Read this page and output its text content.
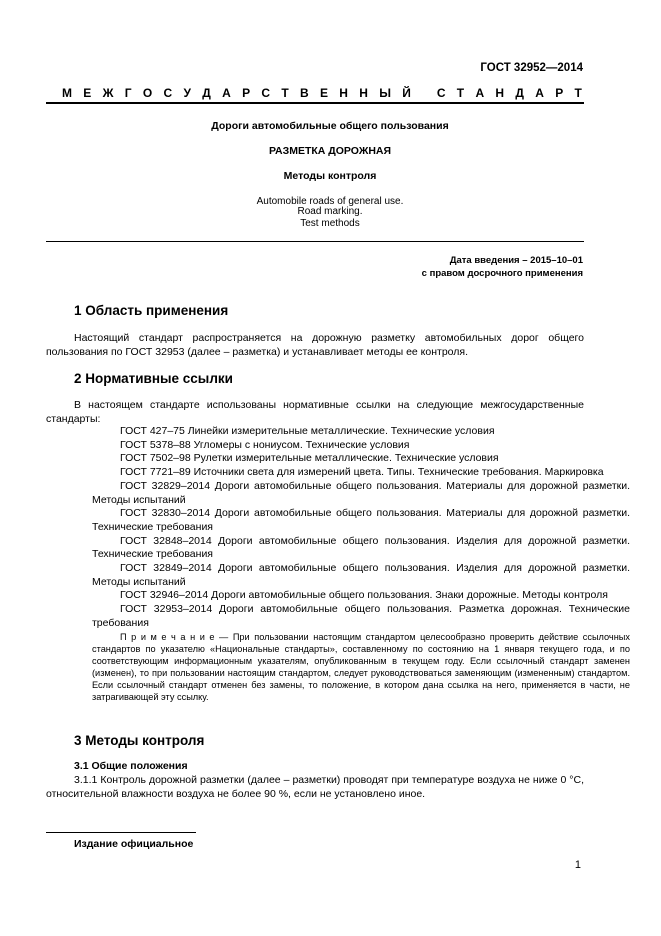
ГОСТ 32952—2014
М Е Ж Г О С У Д А Р С Т В Е Н Н Ы Й
С Т А Н Д А Р Т
Дороги автомобильные общего пользования
РАЗМЕТКА ДОРОЖНАЯ
Методы контроля
Automobile roads of general use.
Road marking.
Test methods
Дата введения – 2015–10–01
с правом досрочного применения
1 Область применения
Настоящий стандарт распространяется на дорожную разметку автомобильных дорог общего пользования по ГОСТ 32953 (далее – разметка) и устанавливает методы ее контроля.
2 Нормативные ссылки
В настоящем стандарте использованы нормативные ссылки на следующие межгосударственные стандарты:
ГОСТ 427–75 Линейки измерительные металлические. Технические условия
ГОСТ 5378–88 Угломеры с нониусом. Технические условия
ГОСТ 7502–98 Рулетки измерительные металлические. Технические условия
ГОСТ 7721–89 Источники света для измерений цвета. Типы. Технические требования. Маркировка
ГОСТ 32829–2014 Дороги автомобильные общего пользования. Материалы для дорожной разметки. Методы испытаний
ГОСТ 32830–2014 Дороги автомобильные общего пользования. Материалы для дорожной разметки. Технические требования
ГОСТ 32848–2014 Дороги автомобильные общего пользования. Изделия для дорожной разметки. Технические требования
ГОСТ 32849–2014 Дороги автомобильные общего пользования. Изделия для дорожной разметки. Методы испытаний
ГОСТ 32946–2014 Дороги автомобильные общего пользования. Знаки дорожные. Методы контроля
ГОСТ 32953–2014 Дороги автомобильные общего пользования. Разметка дорожная. Технические требования
П р и м е ч а н и е — При пользовании настоящим стандартом целесообразно проверить действие ссылочных стандартов по указателю «Национальные стандарты», составленному по состоянию на 1 января текущего года, и по соответствующим информационным указателям, опубликованным в текущем году. Если ссылочный стандарт заменен (изменен), то при пользовании настоящим стандартом, следует руководствоваться заменяющим (измененным) стандартом. Если ссылочный стандарт отменен без замены, то положение, в котором дана ссылка на него, применяется в части, не затрагивающей эту ссылку.
3 Методы контроля
3.1 Общие положения
3.1.1 Контроль дорожной разметки (далее – разметки) проводят при температуре воздуха не ниже 0 °С, относительной влажности воздуха не более 90 %, если не установлено иное.
Издание официальное
1
